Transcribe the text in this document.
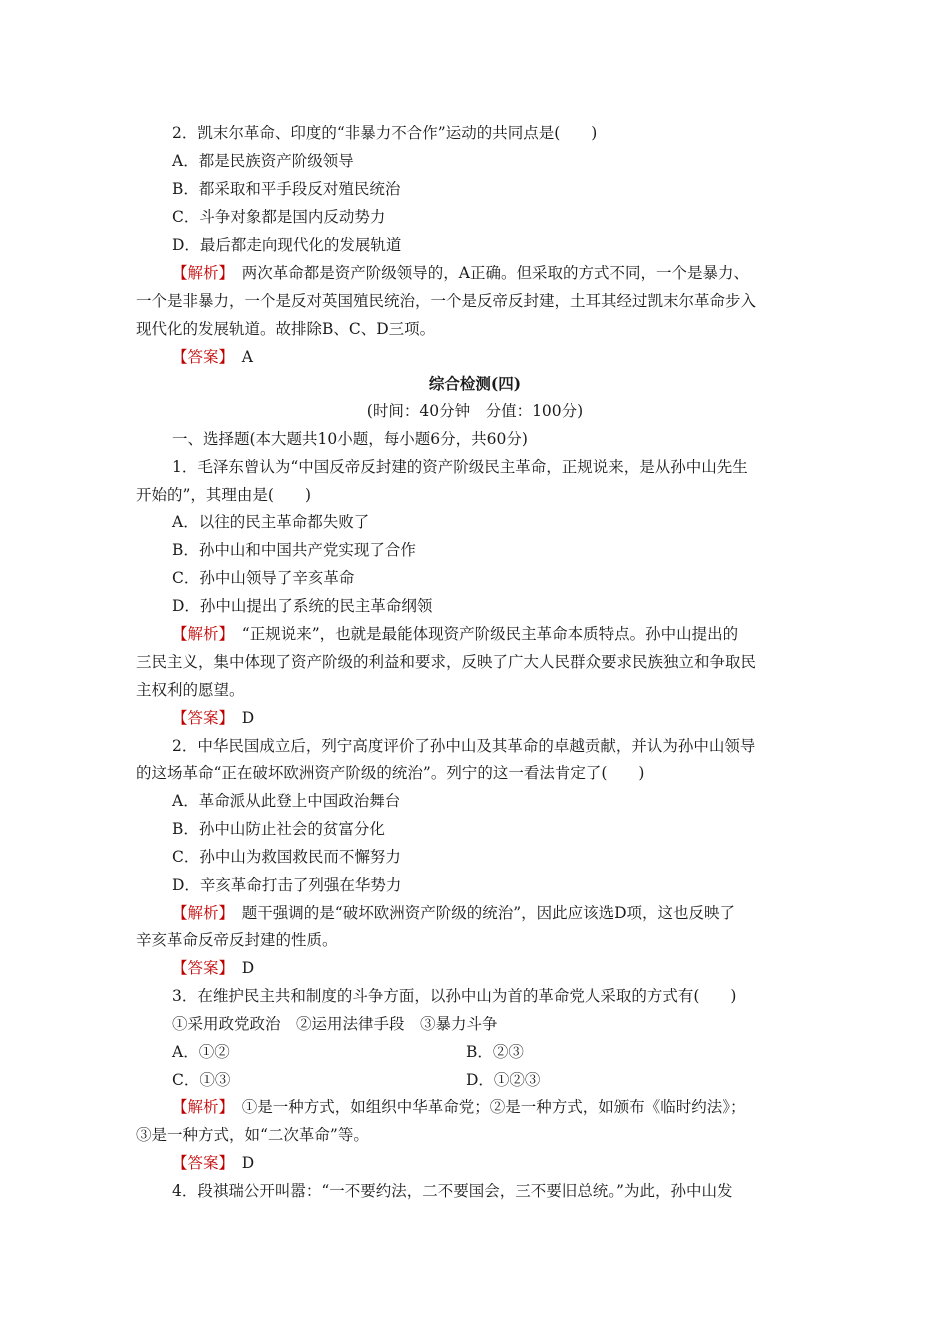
2．凯末尔革命、印度的“非暴力不合作”运动的共同点是(　　)
A．都是民族资产阶级领导
B．都采取和平手段反对殖民统治
C．斗争对象都是国内反动势力
D．最后都走向现代化的发展轨道
【解析】　两次革命都是资产阶级领导的，A正确。但采取的方式不同，一个是暴力、
一个是非暴力，一个是反对英国殖民统治，一个是反帝反封建，土耳其经过凯末尔革命步入
现代化的发展轨道。故排除B、C、D三项。
【答案】　A
综合检测(四)
(时间：40分钟　分值：100分)
一、选择题(本大题共10小题，每小题6分，共60分)
1．毛泽东曾认为“中国反帝反封建的资产阶级民主革命，正规说来，是从孙中山先生
开始的”，其理由是(　　)
A．以往的民主革命都失败了
B．孙中山和中国共产党实现了合作
C．孙中山领导了辛亥革命
D．孙中山提出了系统的民主革命纲领
【解析】　“正规说来”，也就是最能体现资产阶级民主革命本质特点。孙中山提出的
三民主义，集中体现了资产阶级的利益和要求，反映了广大人民群众要求民族独立和争取民
主权利的愿望。
【答案】　D
2．中华民国成立后，列宁高度评价了孙中山及其革命的卓越贡献，并认为孙中山领导
的这场革命“正在破坏欧洲资产阶级的统治”。列宁的这一看法肯定了(　　)
A．革命派从此登上中国政治舞台
B．孙中山防止社会的贫富分化
C．孙中山为救国救民而不懈努力
D．辛亥革命打击了列强在华势力
【解析】　题干强调的是“破坏欧洲资产阶级的统治”，因此应该选D项，这也反映了
辛亥革命反帝反封建的性质。
【答案】　D
3．在维护民主共和制度的斗争方面，以孙中山为首的革命党人采取的方式有(　　)
①采用政党政治　②运用法律手段　③暴力斗争
A．①②	B．②③
C．①③	D．①②③
【解析】　①是一种方式，如组织中华革命党；②是一种方式，如颁布《临时约法》；
③是一种方式，如“二次革命”等。
【答案】　D
4．段祺瑞公开叫嚣：“一不要约法，二不要国会，三不要旧总统。”为此，孙中山发
